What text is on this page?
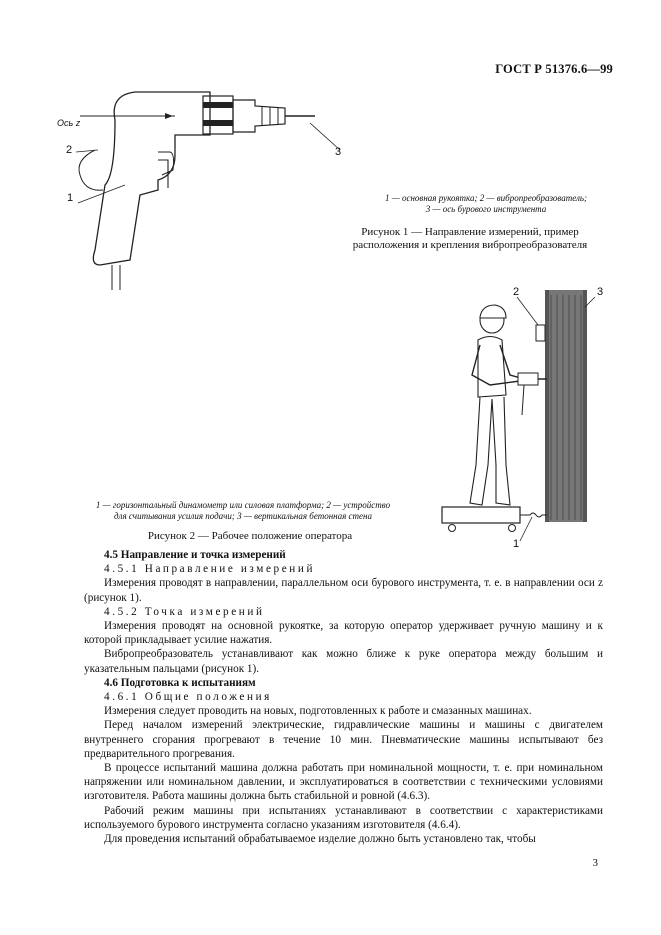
ГОСТ Р 51376.6—99
Ось z
2
1
3
1 — основная рукоятка; 2 — вибропреобразователь;
3 — ось бурового инструмента
Рисунок 1 — Направление измерений, пример
расположения и крепления вибропреобразователя
2	3
1
1 — горизонтальный динамометр или силовая платформа; 2 — устройство
для считывания усилия подачи; 3 — вертикальная бетонная стена
Рисунок 2 — Рабочее положение оператора

4.5 Направление и точка измерений

4.5.1 Направление измерений

Измерения проводят в направлении, параллельном оси бурового инструмента, т. е. в направлении оси z (рисунок 1).

4.5.2 Точка измерений

Измерения проводят на основной рукоятке, за которую оператор удерживает ручную машину и к которой прикладывает усилие нажатия.

Вибропреобразователь устанавливают как можно ближе к руке оператора между большим и указательным пальцами (рисунок 1).

4.6 Подготовка к испытаниям

4.6.1 Общие положения

Измерения следует проводить на новых, подготовленных к работе и смазанных машинах.

Перед началом измерений электрические, гидравлические машины и машины с двигателем внутреннего сгорания прогревают в течение 10 мин. Пневматические машины испытывают без предварительного прогревания.

В процессе испытаний машина должна работать при номинальной мощности, т. е. при номинальном напряжении или номинальном давлении, и эксплуатироваться в соответствии с техническими условиями изготовителя. Работа машины должна быть стабильной и ровной (4.6.3).

Рабочий режим машины при испытаниях устанавливают в соответствии с характеристиками используемого бурового инструмента согласно указаниям изготовителя (4.6.4).

Для проведения испытаний обрабатываемое изделие должно быть установлено так, чтобы

3
